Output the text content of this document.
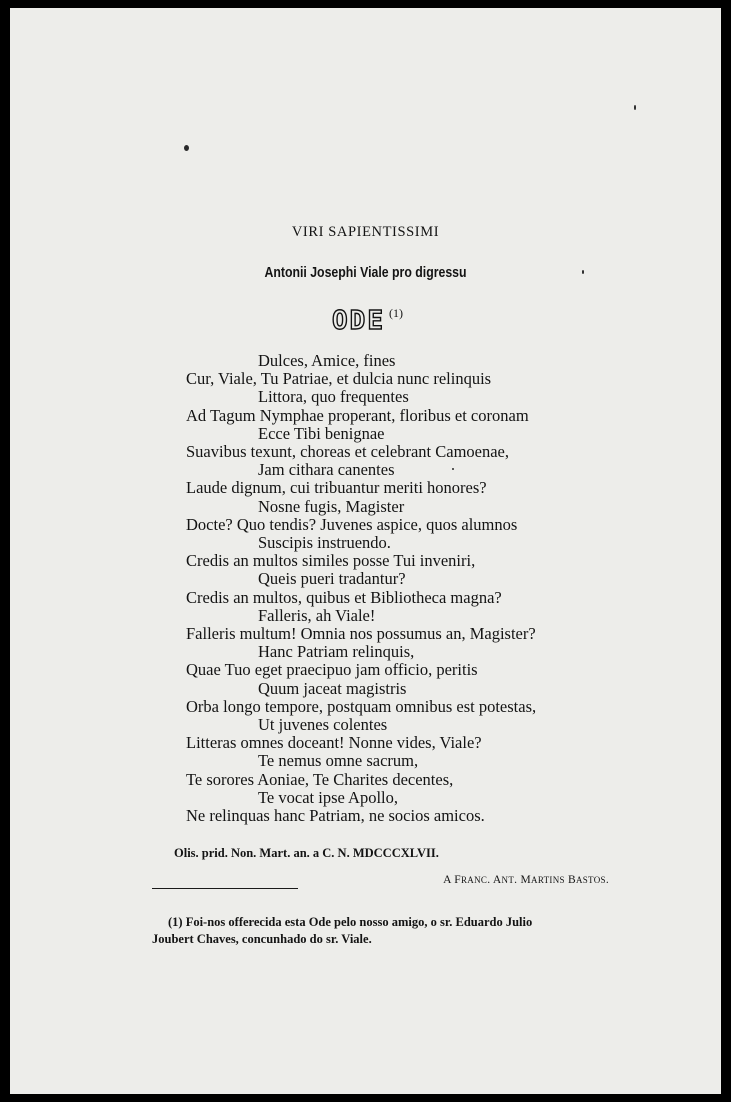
VIRI SAPIENTISSIMI
Antonii Josephi Viale pro digressu
ODE $^{(1)}$
Dulces, Amice, fines
Cur, Viale, Tu Patriae, et dulcia nunc relinquis
Littora, quo frequentes
Ad Tagum Nymphae properant, floribus et coronam
Ecce Tibi benignae
Suavibus texunt, choreas et celebrant Camoenae,
Jam cithara canentes
Laude dignum, cui tribuantur meriti honores?
Nosne fugis, Magister
Docte? Quo tendis? Juvenes aspice, quos alumnos
Suscipis instruendo.
Credis an multos similes posse Tui inveniri,
Queis pueri tradantur?
Credis an multos, quibus et Bibliotheca magna?
Falleris, ah Viale!
Falleris multum! Omnia nos possumus an, Magister?
Hanc Patriam relinquis,
Quae Tuo eget praecipuo jam officio, peritis
Quum jaceat magistris
Orba longo tempore, postquam omnibus est potestas,
Ut juvenes colentes
Litteras omnes doceant! Nonne vides, Viale?
Te nemus omne sacrum,
Te sorores Aoniae, Te Charites decentes,
Te vocat ipse Apollo,
Ne relinquas hanc Patriam, ne socios amicos.

Olis. prid. Non. Mart. an. a C. N. MDCCCXLVII.

A FRANC. ANT. MARTINS BASTOS.

(1) Foi-nos offerecida esta Ode pelo nosso amigo, o sr. Eduardo Julio
Joubert Chaves, concunhado do sr. Viale.
